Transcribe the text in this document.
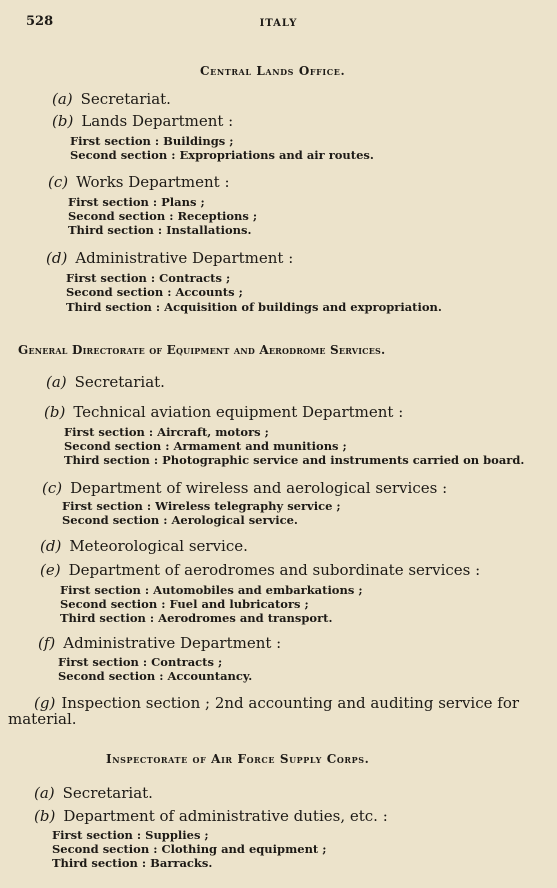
528	ITALY
Central Lands Office.
(a) Secretariat.
(b) Lands Department :
First section : Buildings ;
Second section : Expropriations and air routes.
(c) Works Department :
First section : Plans ;
Second section : Receptions ;
Third section : Installations.
(d) Administrative Department :
First section : Contracts ;
Second section : Accounts ;
Third section : Acquisition of buildings and expropriation.
General Directorate of Equipment and Aerodrome Services.
(a) Secretariat.
(b) Technical aviation equipment Department :
First section : Aircraft, motors ;
Second section : Armament and munitions ;
Third section : Photographic service and instruments carried on board.
(c) Department of wireless and aerological services :
First section : Wireless telegraphy service ;
Second section : Aerological service.
(d) Meteorological service.
(e) Department of aerodromes and subordinate services :
First section : Automobiles and embarkations ;
Second section : Fuel and lubricators ;
Third section : Aerodromes and transport.
(f) Administrative Department :
First section : Contracts ;
Second section : Accountancy.
(g) Inspection section ; 2nd accounting and auditing service for material.
Inspectorate of Air Force Supply Corps.
(a) Secretariat.
(b) Department of administrative duties, etc. :
First section : Supplies ;
Second section : Clothing and equipment ;
Third section : Barracks.
